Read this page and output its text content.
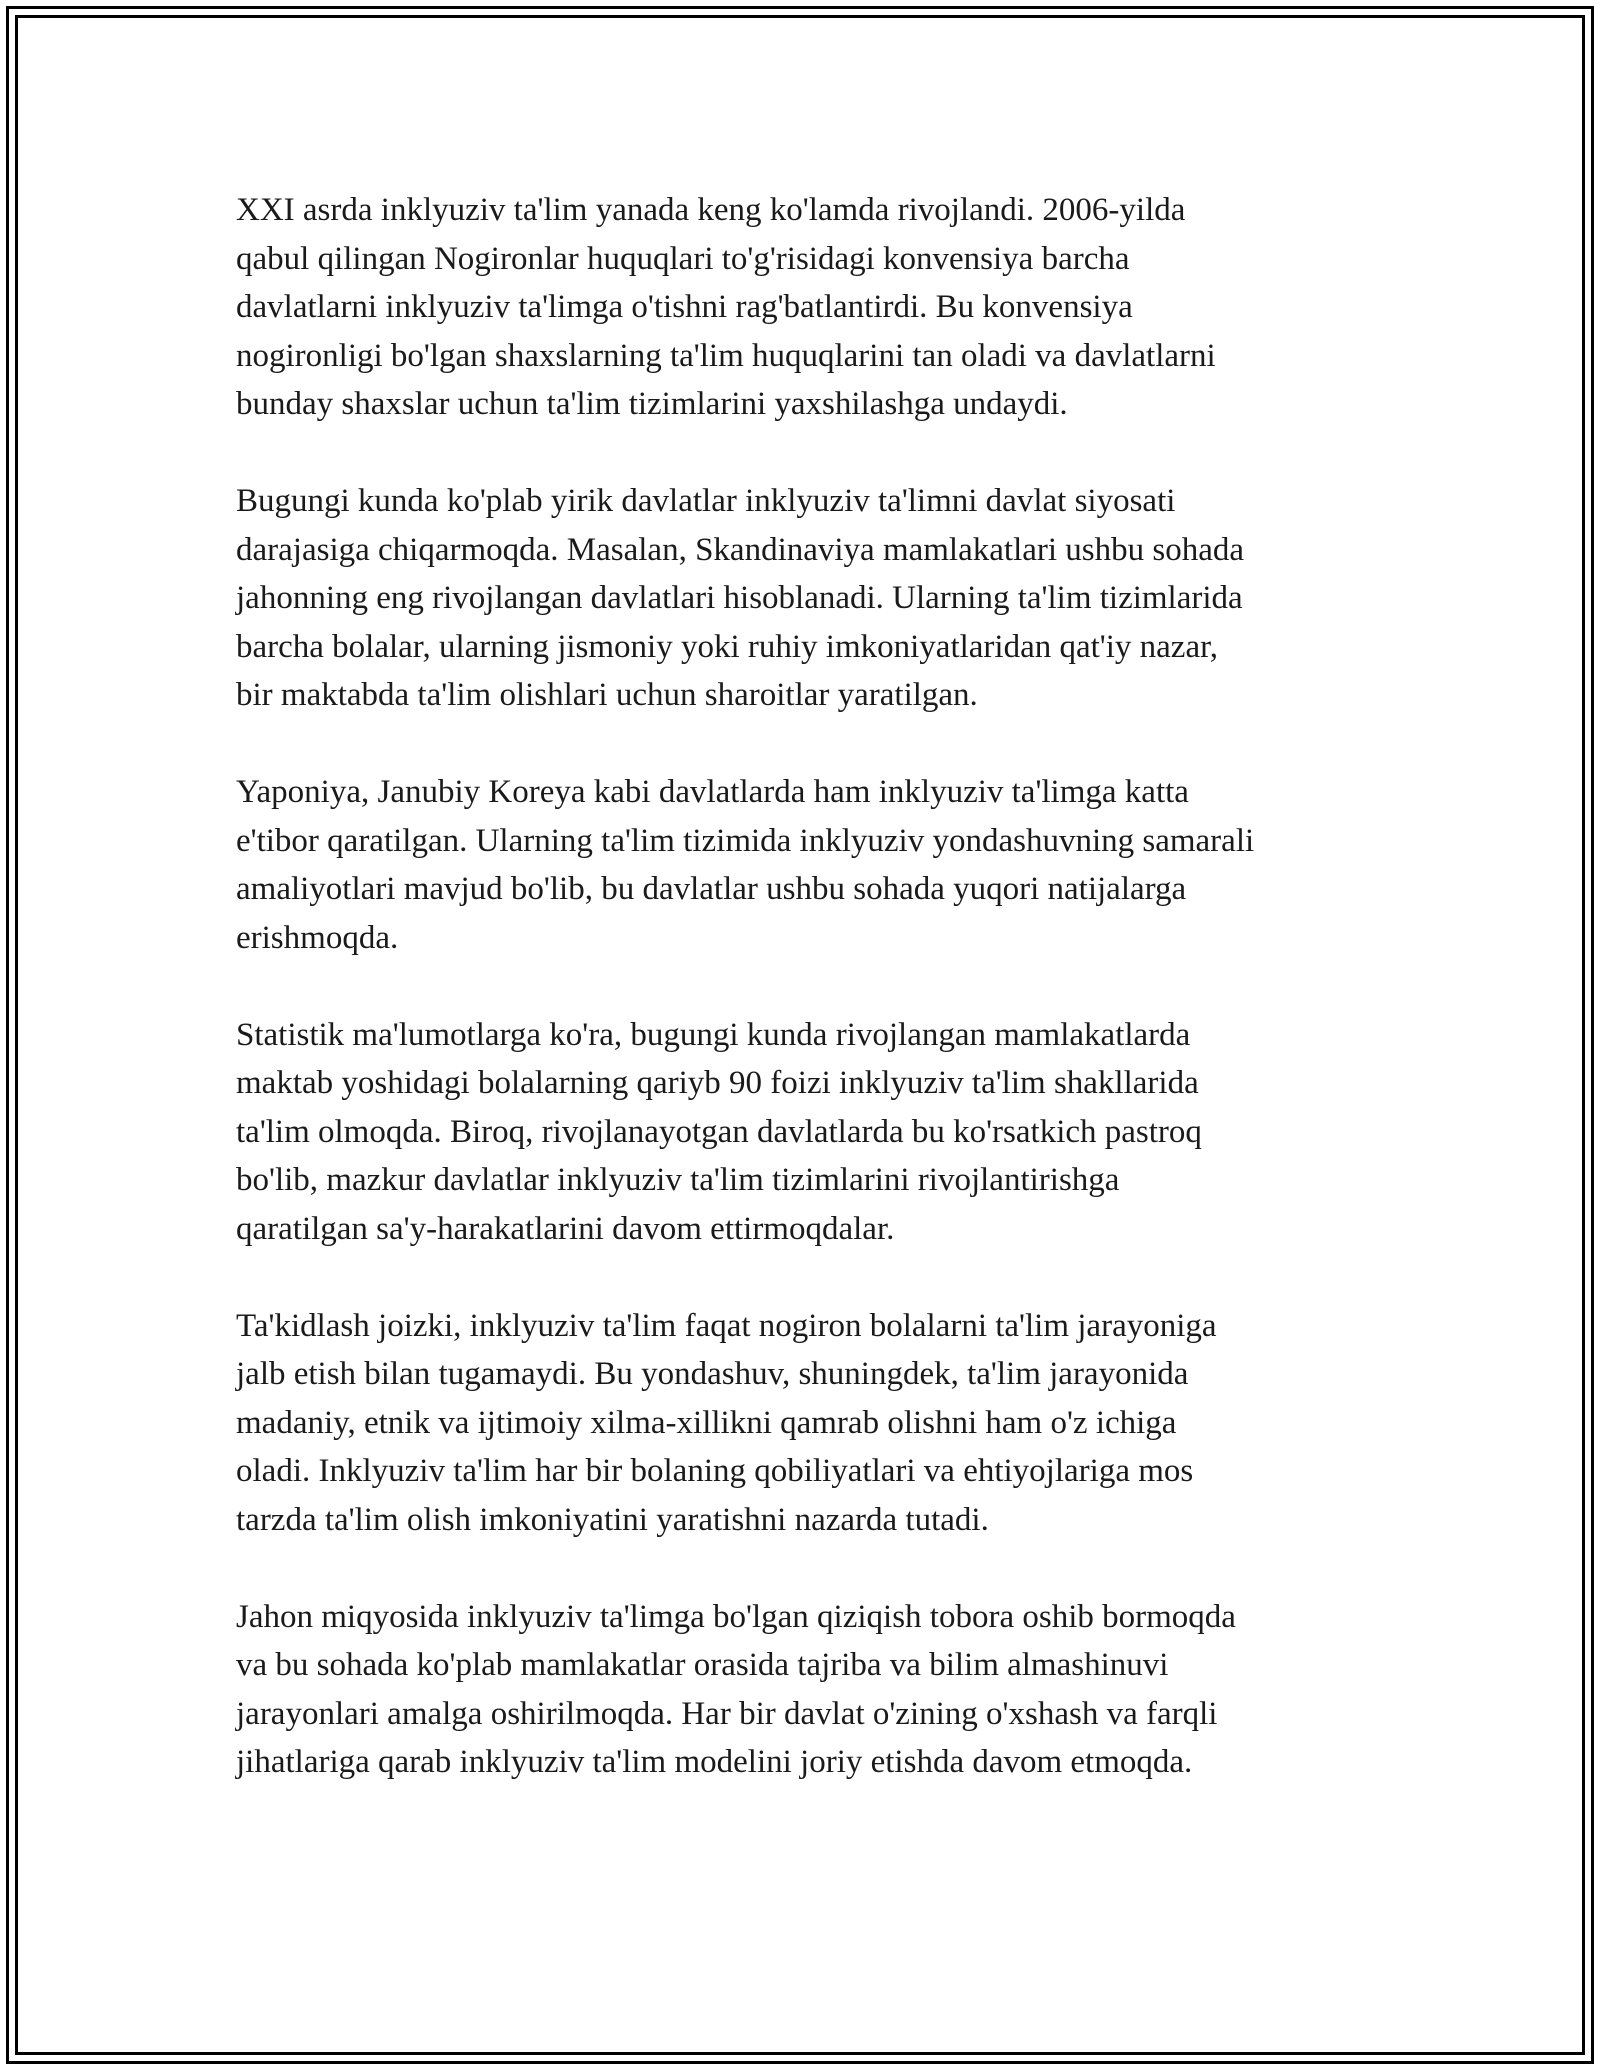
XXI asrda inklyuziv ta'lim yanada keng ko'lamda rivojlandi. 2006-yilda
qabul qilingan Nogironlar huquqlari to'g'risidagi konvensiya barcha
davlatlarni inklyuziv ta'limga o'tishni rag'batlantirdi. Bu konvensiya
nogironligi bo'lgan shaxslarning ta'lim huquqlarini tan oladi va davlatlarni
bunday shaxslar uchun ta'lim tizimlarini yaxshilashga undaydi.

Bugungi kunda ko'plab yirik davlatlar inklyuziv ta'limni davlat siyosati
darajasiga chiqarmoqda. Masalan, Skandinaviya mamlakatlari ushbu sohada
jahonning eng rivojlangan davlatlari hisoblanadi. Ularning ta'lim tizimlarida
barcha bolalar, ularning jismoniy yoki ruhiy imkoniyatlaridan qat'iy nazar,
bir maktabda ta'lim olishlari uchun sharoitlar yaratilgan.

Yaponiya, Janubiy Koreya kabi davlatlarda ham inklyuziv ta'limga katta
e'tibor qaratilgan. Ularning ta'lim tizimida inklyuziv yondashuvning samarali
amaliyotlari mavjud bo'lib, bu davlatlar ushbu sohada yuqori natijalarga
erishmoqda.

Statistik ma'lumotlarga ko'ra, bugungi kunda rivojlangan mamlakatlarda
maktab yoshidagi bolalarning qariyb 90 foizi inklyuziv ta'lim shakllarida
ta'lim olmoqda. Biroq, rivojlanayotgan davlatlarda bu ko'rsatkich pastroq
bo'lib, mazkur davlatlar inklyuziv ta'lim tizimlarini rivojlantirishga
qaratilgan sa'y-harakatlarini davom ettirmoqdalar.

Ta'kidlash joizki, inklyuziv ta'lim faqat nogiron bolalarni ta'lim jarayoniga
jalb etish bilan tugamaydi. Bu yondashuv, shuningdek, ta'lim jarayonida
madaniy, etnik va ijtimoiy xilma-xillikni qamrab olishni ham o'z ichiga
oladi. Inklyuziv ta'lim har bir bolaning qobiliyatlari va ehtiyojlariga mos
tarzda ta'lim olish imkoniyatini yaratishni nazarda tutadi.

Jahon miqyosida inklyuziv ta'limga bo'lgan qiziqish tobora oshib bormoqda
va bu sohada ko'plab mamlakatlar orasida tajriba va bilim almashinuvi
jarayonlari amalga oshirilmoqda. Har bir davlat o'zining o'xshash va farqli
jihatlariga qarab inklyuziv ta'lim modelini joriy etishda davom etmoqda.
